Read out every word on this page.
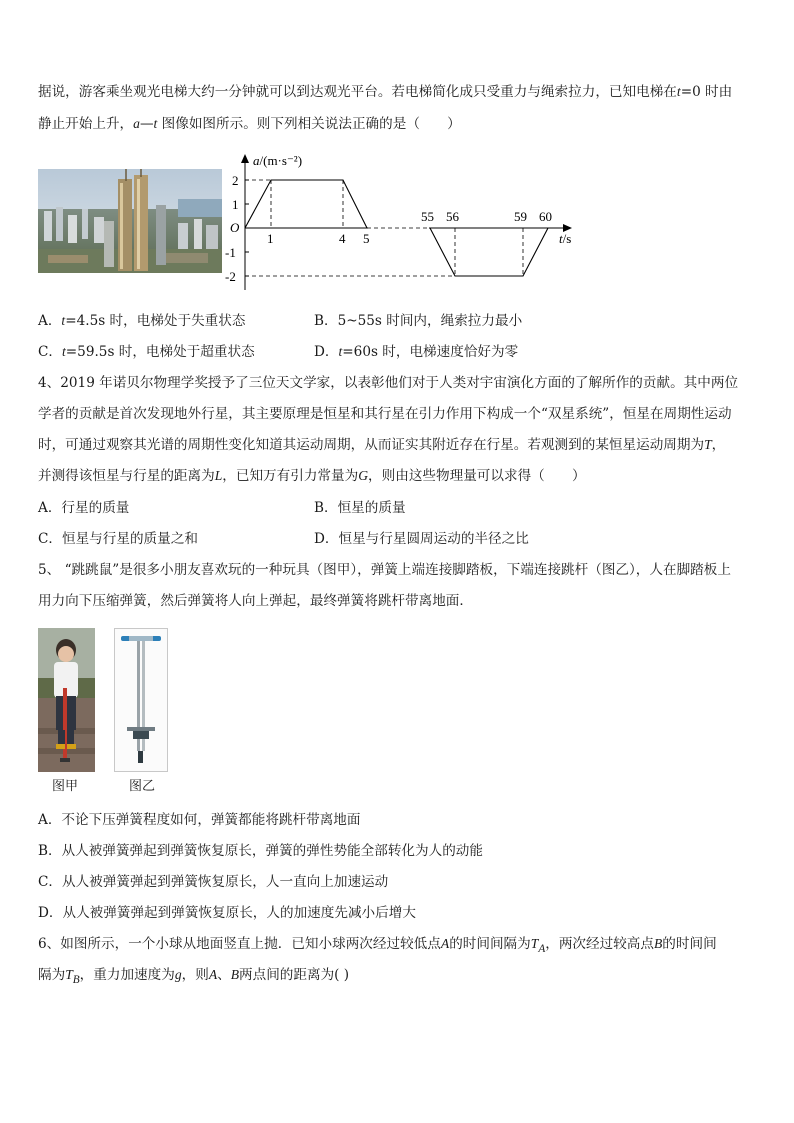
据说，游客乘坐观光电梯大约一分钟就可以到达观光平台。若电梯简化成只受重力与绳索拉力，已知电梯在t=0 时由
静止开始上升，a—t 图像如图所示。则下列相关说法正确的是（　　）
a/(m·s⁻²)
t/s
O
2
1
-1
-2
1	4 5
55 56	59 60
A．t=4.5s 时，电梯处于失重状态	B．5~55s 时间内，绳索拉力最小
C．t=59.5s 时，电梯处于超重状态	D．t=60s 时，电梯速度恰好为零
4、2019 年诺贝尔物理学奖授予了三位天文学家，以表彰他们对于人类对宇宙演化方面的了解所作的贡献。其中两位
学者的贡献是首次发现地外行星，其主要原理是恒星和其行星在引力作用下构成一个“双星系统”，恒星在周期性运动
时，可通过观察其光谱的周期性变化知道其运动周期，从而证实其附近存在行星。若观测到的某恒星运动周期为T，
并测得该恒星与行星的距离为L，已知万有引力常量为G，则由这些物理量可以求得（　　）
A．行星的质量	B．恒星的质量
C．恒星与行星的质量之和	D．恒星与行星圆周运动的半径之比
5、 “跳跳鼠”是很多小朋友喜欢玩的一种玩具（图甲），弹簧上端连接脚踏板，下端连接跳杆（图乙），人在脚踏板上
用力向下压缩弹簧，然后弹簧将人向上弹起，最终弹簧将跳杆带离地面．
图甲	图乙
A．不论下压弹簧程度如何，弹簧都能将跳杆带离地面
B．从人被弹簧弹起到弹簧恢复原长，弹簧的弹性势能全部转化为人的动能
C．从人被弹簧弹起到弹簧恢复原长，人一直向上加速运动
D．从人被弹簧弹起到弹簧恢复原长，人的加速度先减小后增大
6、如图所示，一个小球从地面竖直上抛．已知小球两次经过较低点A的时间间隔为$T_A$，两次经过较高点B的时间间
隔为$T_B$，重力加速度为g，则A、B两点间的距离为( )
